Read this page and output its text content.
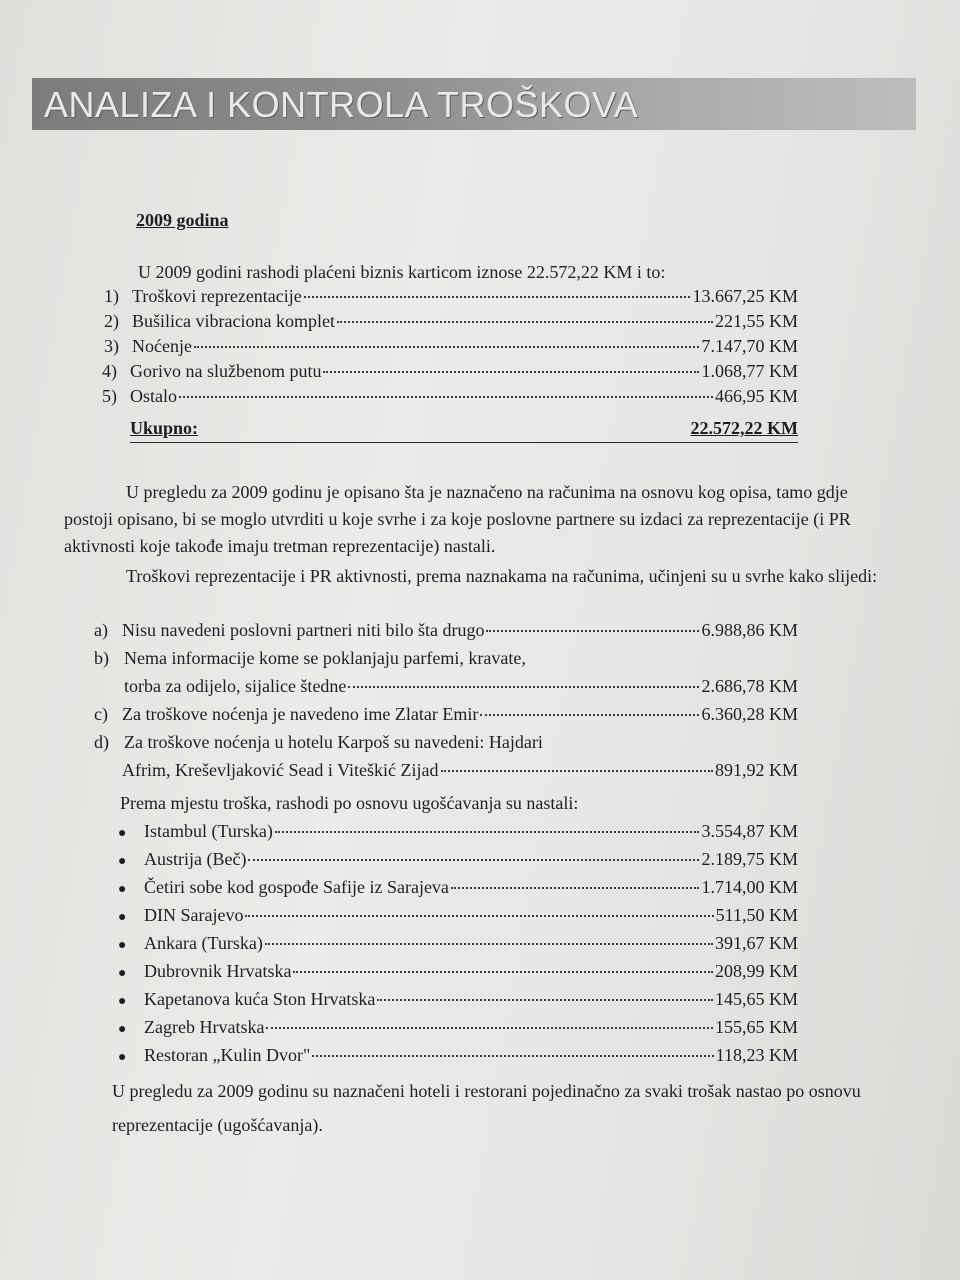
ANALIZA I KONTROLA TROŠKOVA
2009 godina
U 2009 godini rashodi plaćeni biznis karticom iznose 22.572,22 KM i to:
1) Troškovi reprezentacije	13.667,25 KM
2) Bušilica vibraciona komplet	221,55 KM
3) Noćenje	7.147,70 KM
4) Gorivo na službenom putu	1.068,77 KM
5) Ostalo	466,95 KM
Ukupno:	22.572,22 KM
U pregledu za 2009 godinu je opisano šta je naznačeno na računima na osnovu kog opisa, tamo gdje postoji opisano, bi se moglo utvrditi u koje svrhe i za koje poslovne partnere su izdaci za reprezentacije (i PR aktivnosti koje takođe imaju tretman reprezentacije) nastali.
Troškovi reprezentacije i PR aktivnosti, prema naznakama na računima, učinjeni su u svrhe kako slijedi:
a) Nisu navedeni poslovni partneri niti bilo šta drugo	6.988,86 KM
b) Nema informacije kome se poklanjaju parfemi, kravate,
torba za odijelo, sijalice štedne	2.686,78 KM
c) Za troškove noćenja je navedeno ime Zlatar Emir	6.360,28 KM
d) Za troškove noćenja u hotelu Karpoš su navedeni: Hajdari
Afrim, Kreševljaković Sead i Viteškić Zijad	891,92 KM
Prema mjestu troška, rashodi po osnovu ugošćavanja su nastali:
● Istambul (Turska)	3.554,87 KM
● Austrija (Beč)	2.189,75 KM
● Četiri sobe kod gospođe Safije iz Sarajeva	1.714,00 KM
● DIN Sarajevo	511,50 KM
● Ankara (Turska)	391,67 KM
● Dubrovnik Hrvatska	208,99 KM
● Kapetanova kuća Ston Hrvatska	145,65 KM
● Zagreb Hrvatska	155,65 KM
● Restoran „Kulin Dvor"	118,23 KM
U pregledu za 2009 godinu su naznačeni hoteli i restorani pojedinačno za svaki trošak nastao po osnovu reprezentacije (ugošćavanja).
